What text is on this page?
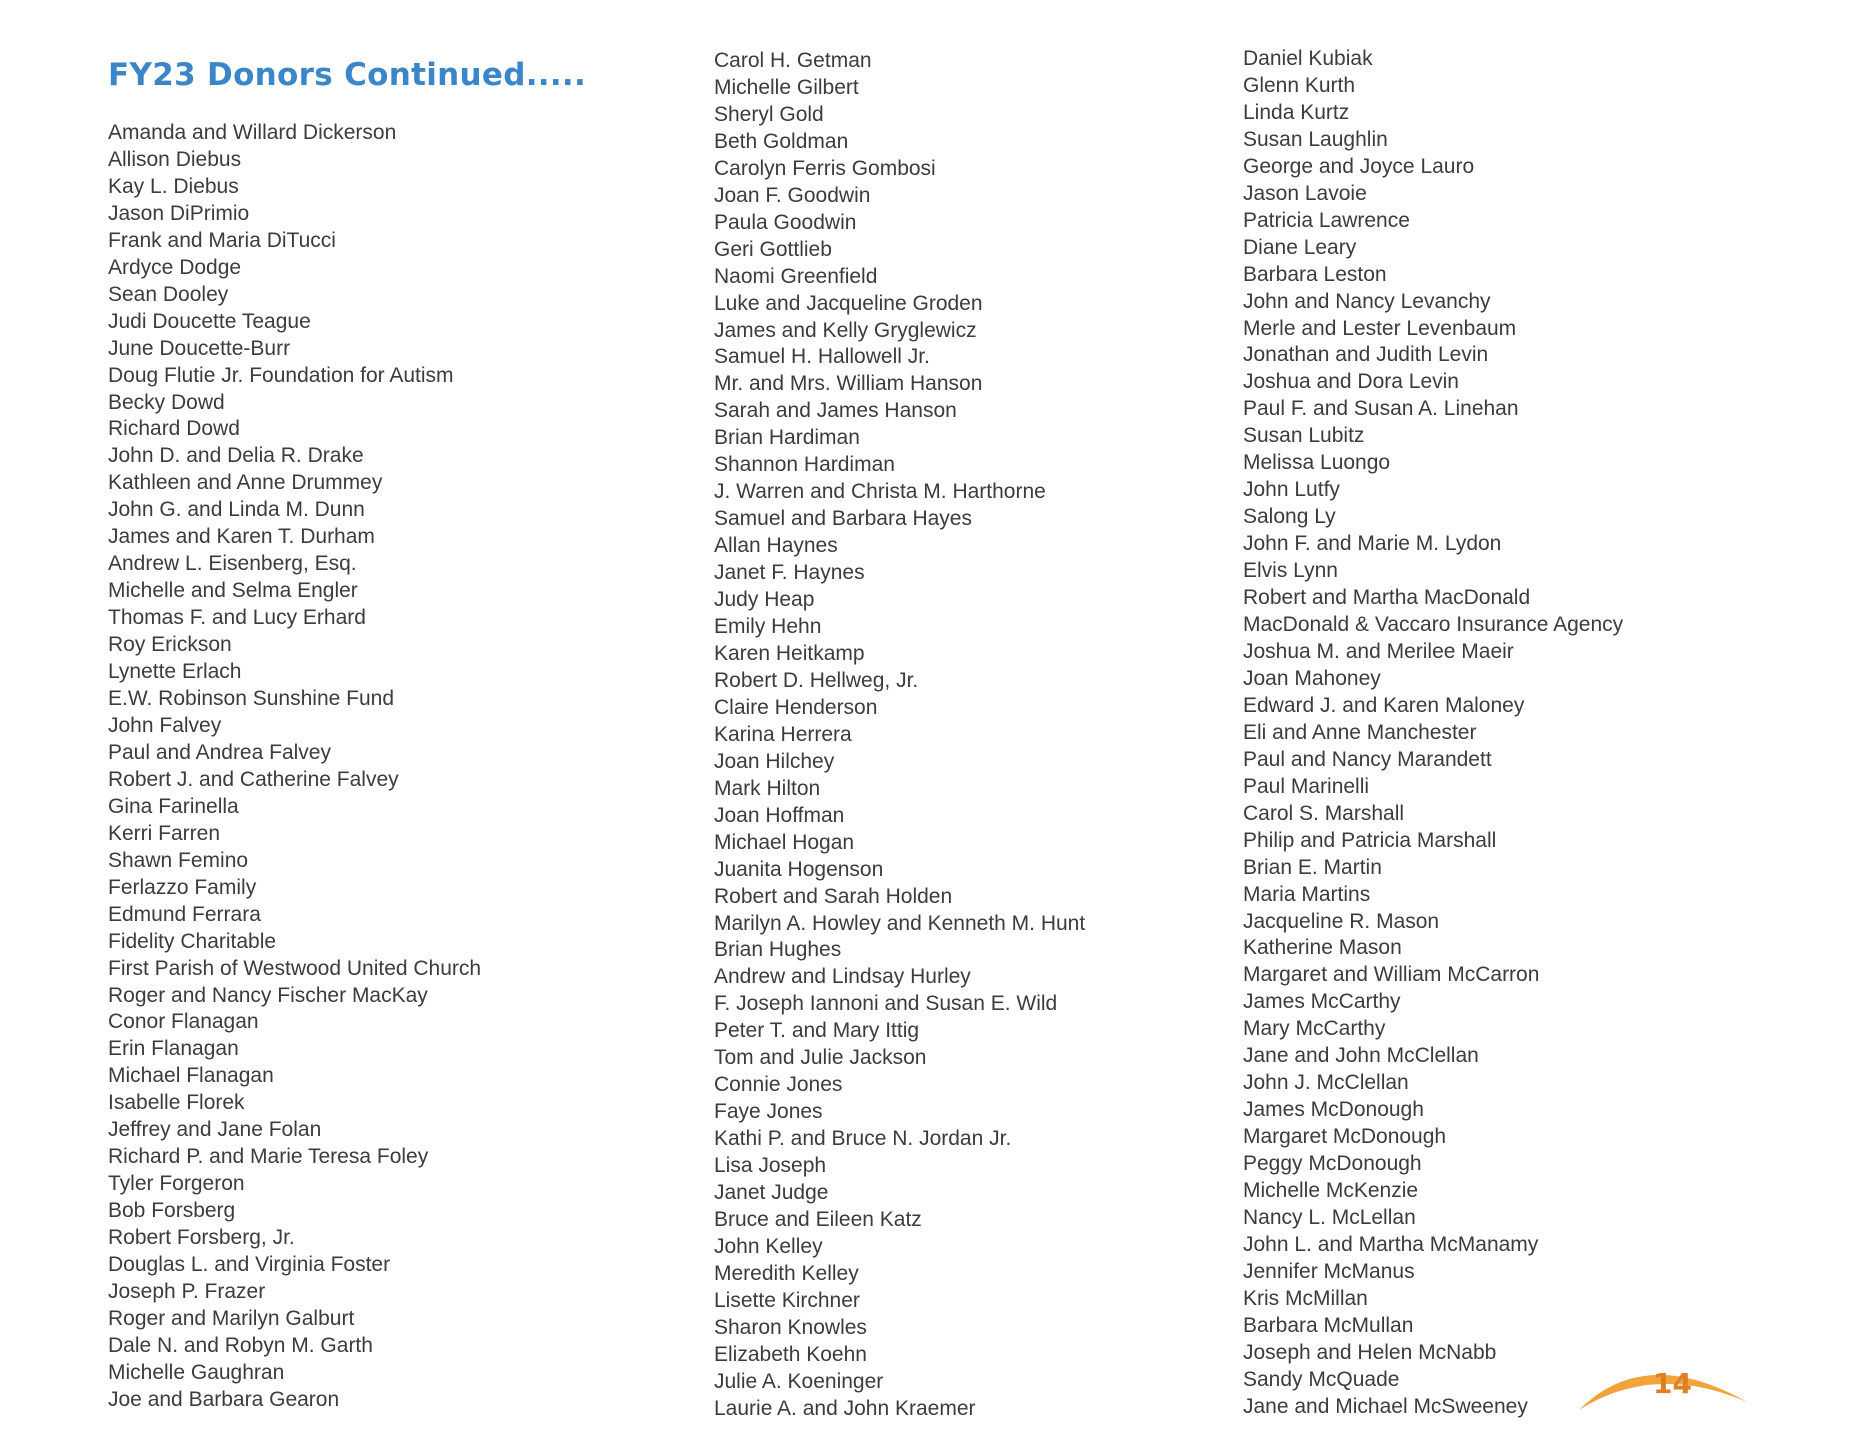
FY23 Donors Continued.....
Amanda and Willard Dickerson
Allison Diebus
Kay L. Diebus
Jason DiPrimio
Frank and Maria DiTucci
Ardyce Dodge
Sean Dooley
Judi Doucette Teague
June Doucette-Burr
Doug Flutie Jr. Foundation for Autism
Becky Dowd
Richard Dowd
John D. and Delia R. Drake
Kathleen and Anne Drummey
John G. and Linda M. Dunn
James and Karen T. Durham
Andrew L. Eisenberg, Esq.
Michelle and Selma Engler
Thomas F. and Lucy Erhard
Roy Erickson
Lynette Erlach
E.W. Robinson Sunshine Fund
John Falvey
Paul and Andrea Falvey
Robert J. and Catherine Falvey
Gina Farinella
Kerri Farren
Shawn Femino
Ferlazzo Family
Edmund Ferrara
Fidelity Charitable
First Parish of Westwood United Church
Roger and Nancy Fischer MacKay
Conor Flanagan
Erin Flanagan
Michael Flanagan
Isabelle Florek
Jeffrey and Jane Folan
Richard P. and Marie Teresa Foley
Tyler Forgeron
Bob Forsberg
Robert Forsberg, Jr.
Douglas L. and Virginia Foster
Joseph P. Frazer
Roger and Marilyn Galburt
Dale N. and Robyn M. Garth
Michelle Gaughran
Joe and Barbara Gearon
Carol H. Getman
Michelle Gilbert
Sheryl Gold
Beth Goldman
Carolyn Ferris Gombosi
Joan F. Goodwin
Paula Goodwin
Geri Gottlieb
Naomi Greenfield
Luke and Jacqueline Groden
James and Kelly Gryglewicz
Samuel H. Hallowell Jr.
Mr. and Mrs. William Hanson
Sarah and James Hanson
Brian Hardiman
Shannon Hardiman
J. Warren and Christa M. Harthorne
Samuel and Barbara Hayes
Allan Haynes
Janet F. Haynes
Judy Heap
Emily Hehn
Karen Heitkamp
Robert D. Hellweg, Jr.
Claire Henderson
Karina Herrera
Joan Hilchey
Mark Hilton
Joan Hoffman
Michael Hogan
Juanita Hogenson
Robert and Sarah Holden
Marilyn A. Howley and Kenneth M. Hunt
Brian Hughes
Andrew and Lindsay Hurley
F. Joseph Iannoni and Susan E. Wild
Peter T. and Mary Ittig
Tom and Julie Jackson
Connie Jones
Faye Jones
Kathi P. and Bruce N. Jordan Jr.
Lisa Joseph
Janet Judge
Bruce and Eileen Katz
John Kelley
Meredith Kelley
Lisette Kirchner
Sharon Knowles
Elizabeth Koehn
Julie A. Koeninger
Laurie A. and John Kraemer
Daniel Kubiak
Glenn Kurth
Linda Kurtz
Susan Laughlin
George and Joyce Lauro
Jason Lavoie
Patricia Lawrence
Diane Leary
Barbara Leston
John and Nancy Levanchy
Merle and Lester Levenbaum
Jonathan and Judith Levin
Joshua and Dora Levin
Paul F. and Susan A. Linehan
Susan Lubitz
Melissa Luongo
John Lutfy
Salong Ly
John F. and Marie M. Lydon
Elvis Lynn
Robert and Martha MacDonald
MacDonald & Vaccaro Insurance Agency
Joshua M. and Merilee Maeir
Joan Mahoney
Edward J. and Karen Maloney
Eli and Anne Manchester
Paul and Nancy Marandett
Paul Marinelli
Carol S. Marshall
Philip and Patricia Marshall
Brian E. Martin
Maria Martins
Jacqueline R. Mason
Katherine Mason
Margaret and William McCarron
James McCarthy
Mary McCarthy
Jane and John McClellan
John J. McClellan
James McDonough
Margaret McDonough
Peggy McDonough
Michelle McKenzie
Nancy L. McLellan
John L. and Martha McManamy
Jennifer McManus
Kris McMillan
Barbara McMullan
Joseph and Helen McNabb
Sandy McQuade
Jane and Michael McSweeney
14
